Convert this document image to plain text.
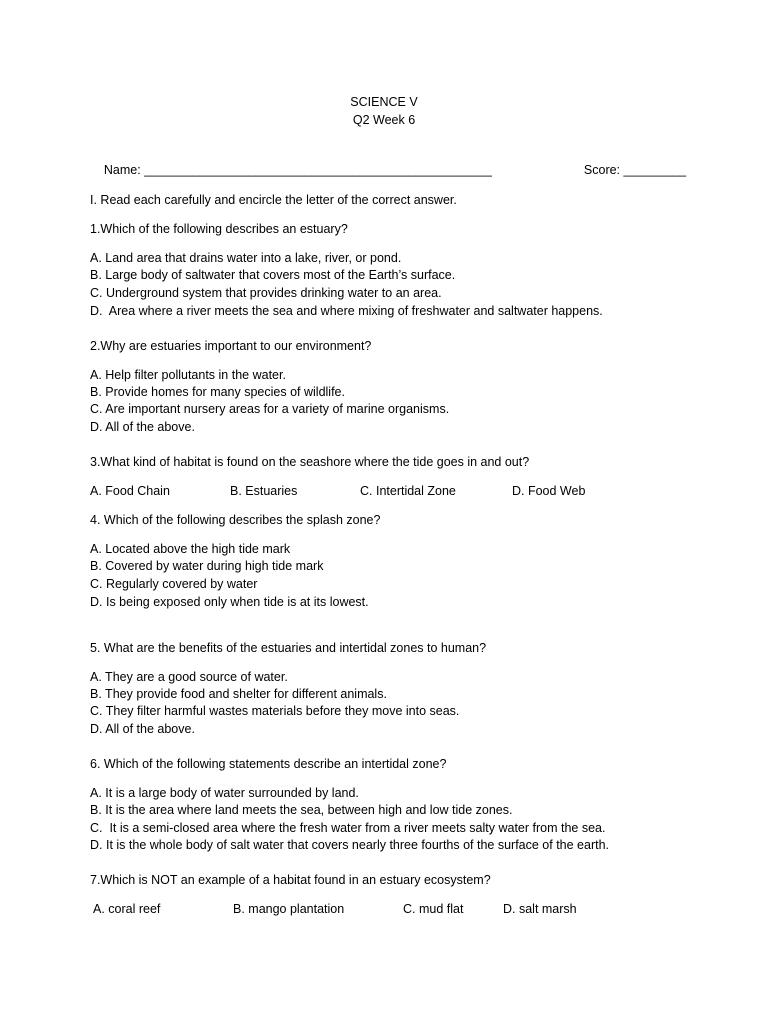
SCIENCE V
Q2 Week 6

Name: __________________________________________________
	Score: _________

I. Read each carefully and encircle the letter of the correct answer.
1.Which of the following describes an estuary?
A. Land area that drains water into a lake, river, or pond.
B. Large body of saltwater that covers most of the Earth’s surface.
C. Underground system that provides drinking water to an area.
D.  Area where a river meets the sea and where mixing of freshwater and saltwater happens.
2.Why are estuaries important to our environment?
A. Help filter pollutants in the water.
B. Provide homes for many species of wildlife.
C. Are important nursery areas for a variety of marine organisms.
D. All of the above.
3.What kind of habitat is found on the seashore where the tide goes in and out?
A. Food Chain	B. Estuaries	C. Intertidal Zone	D. Food Web
4. Which of the following describes the splash zone?
A. Located above the high tide mark
B. Covered by water during high tide mark
C. Regularly covered by water
D. Is being exposed only when tide is at its lowest.
5. What are the benefits of the estuaries and intertidal zones to human?
A. They are a good source of water.
B. They provide food and shelter for different animals.
C. They filter harmful wastes materials before they move into seas.
D. All of the above.
6. Which of the following statements describe an intertidal zone?
A. It is a large body of water surrounded by land.
B. It is the area where land meets the sea, between high and low tide zones.
C.  It is a semi-closed area where the fresh water from a river meets salty water from the sea.
D. It is the whole body of salt water that covers nearly three fourths of the surface of the earth.
7.Which is NOT an example of a habitat found in an estuary ecosystem?
A. coral reef	B. mango plantation	C. mud flat	D. salt marsh
